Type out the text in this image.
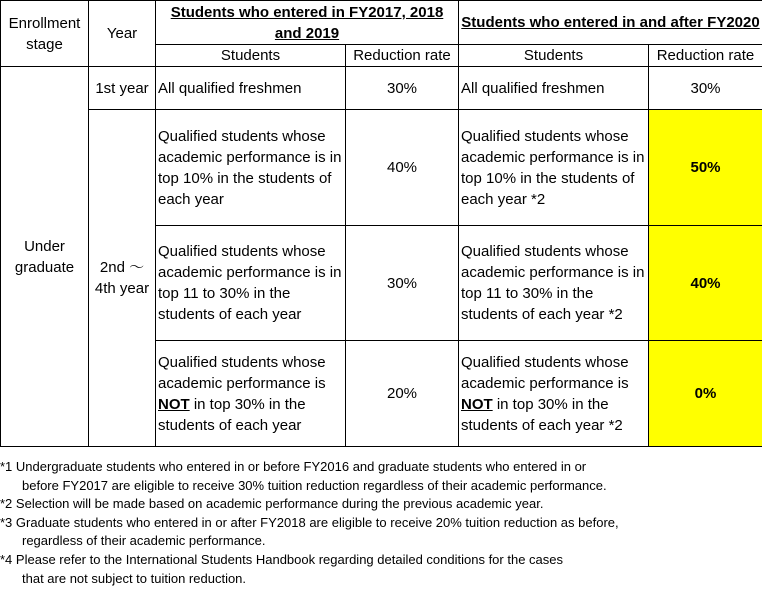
Enrollment stage	Year	Students who entered in FY2017, 2018 and 2019		Students who entered in and after FY2020	
		Students	Reduction rate	Students	Reduction rate
Under graduate	1st year	All qualified freshmen	30%	All qualified freshmen	30%
	2nd ～ 4th year	Qualified students whose academic performance is in top 10% in the students of each year	40%	Qualified students whose academic performance is in top 10% in the students of each year *2	50%
		Qualified students whose academic performance is in top 11 to 30% in the students of each year	30%	Qualified students whose academic performance is in top 11 to 30% in the students of each year *2	40%
		Qualified students whose academic performance is NOT in top 30% in the students of each year	20%	Qualified students whose academic performance is NOT in top 30% in the students of each year *2	0%

*1 Undergraduate students who entered in or before FY2016 and graduate students who entered in or
before FY2017 are eligible to receive 30% tuition reduction regardless of their academic performance.

*2 Selection will be made based on academic performance during the previous academic year.

*3 Graduate students who entered in or after FY2018 are eligible to receive 20% tuition reduction as before,
regardless of their academic performance.

*4 Please refer to the International Students Handbook regarding detailed conditions for the cases
that are not subject to tuition reduction.
